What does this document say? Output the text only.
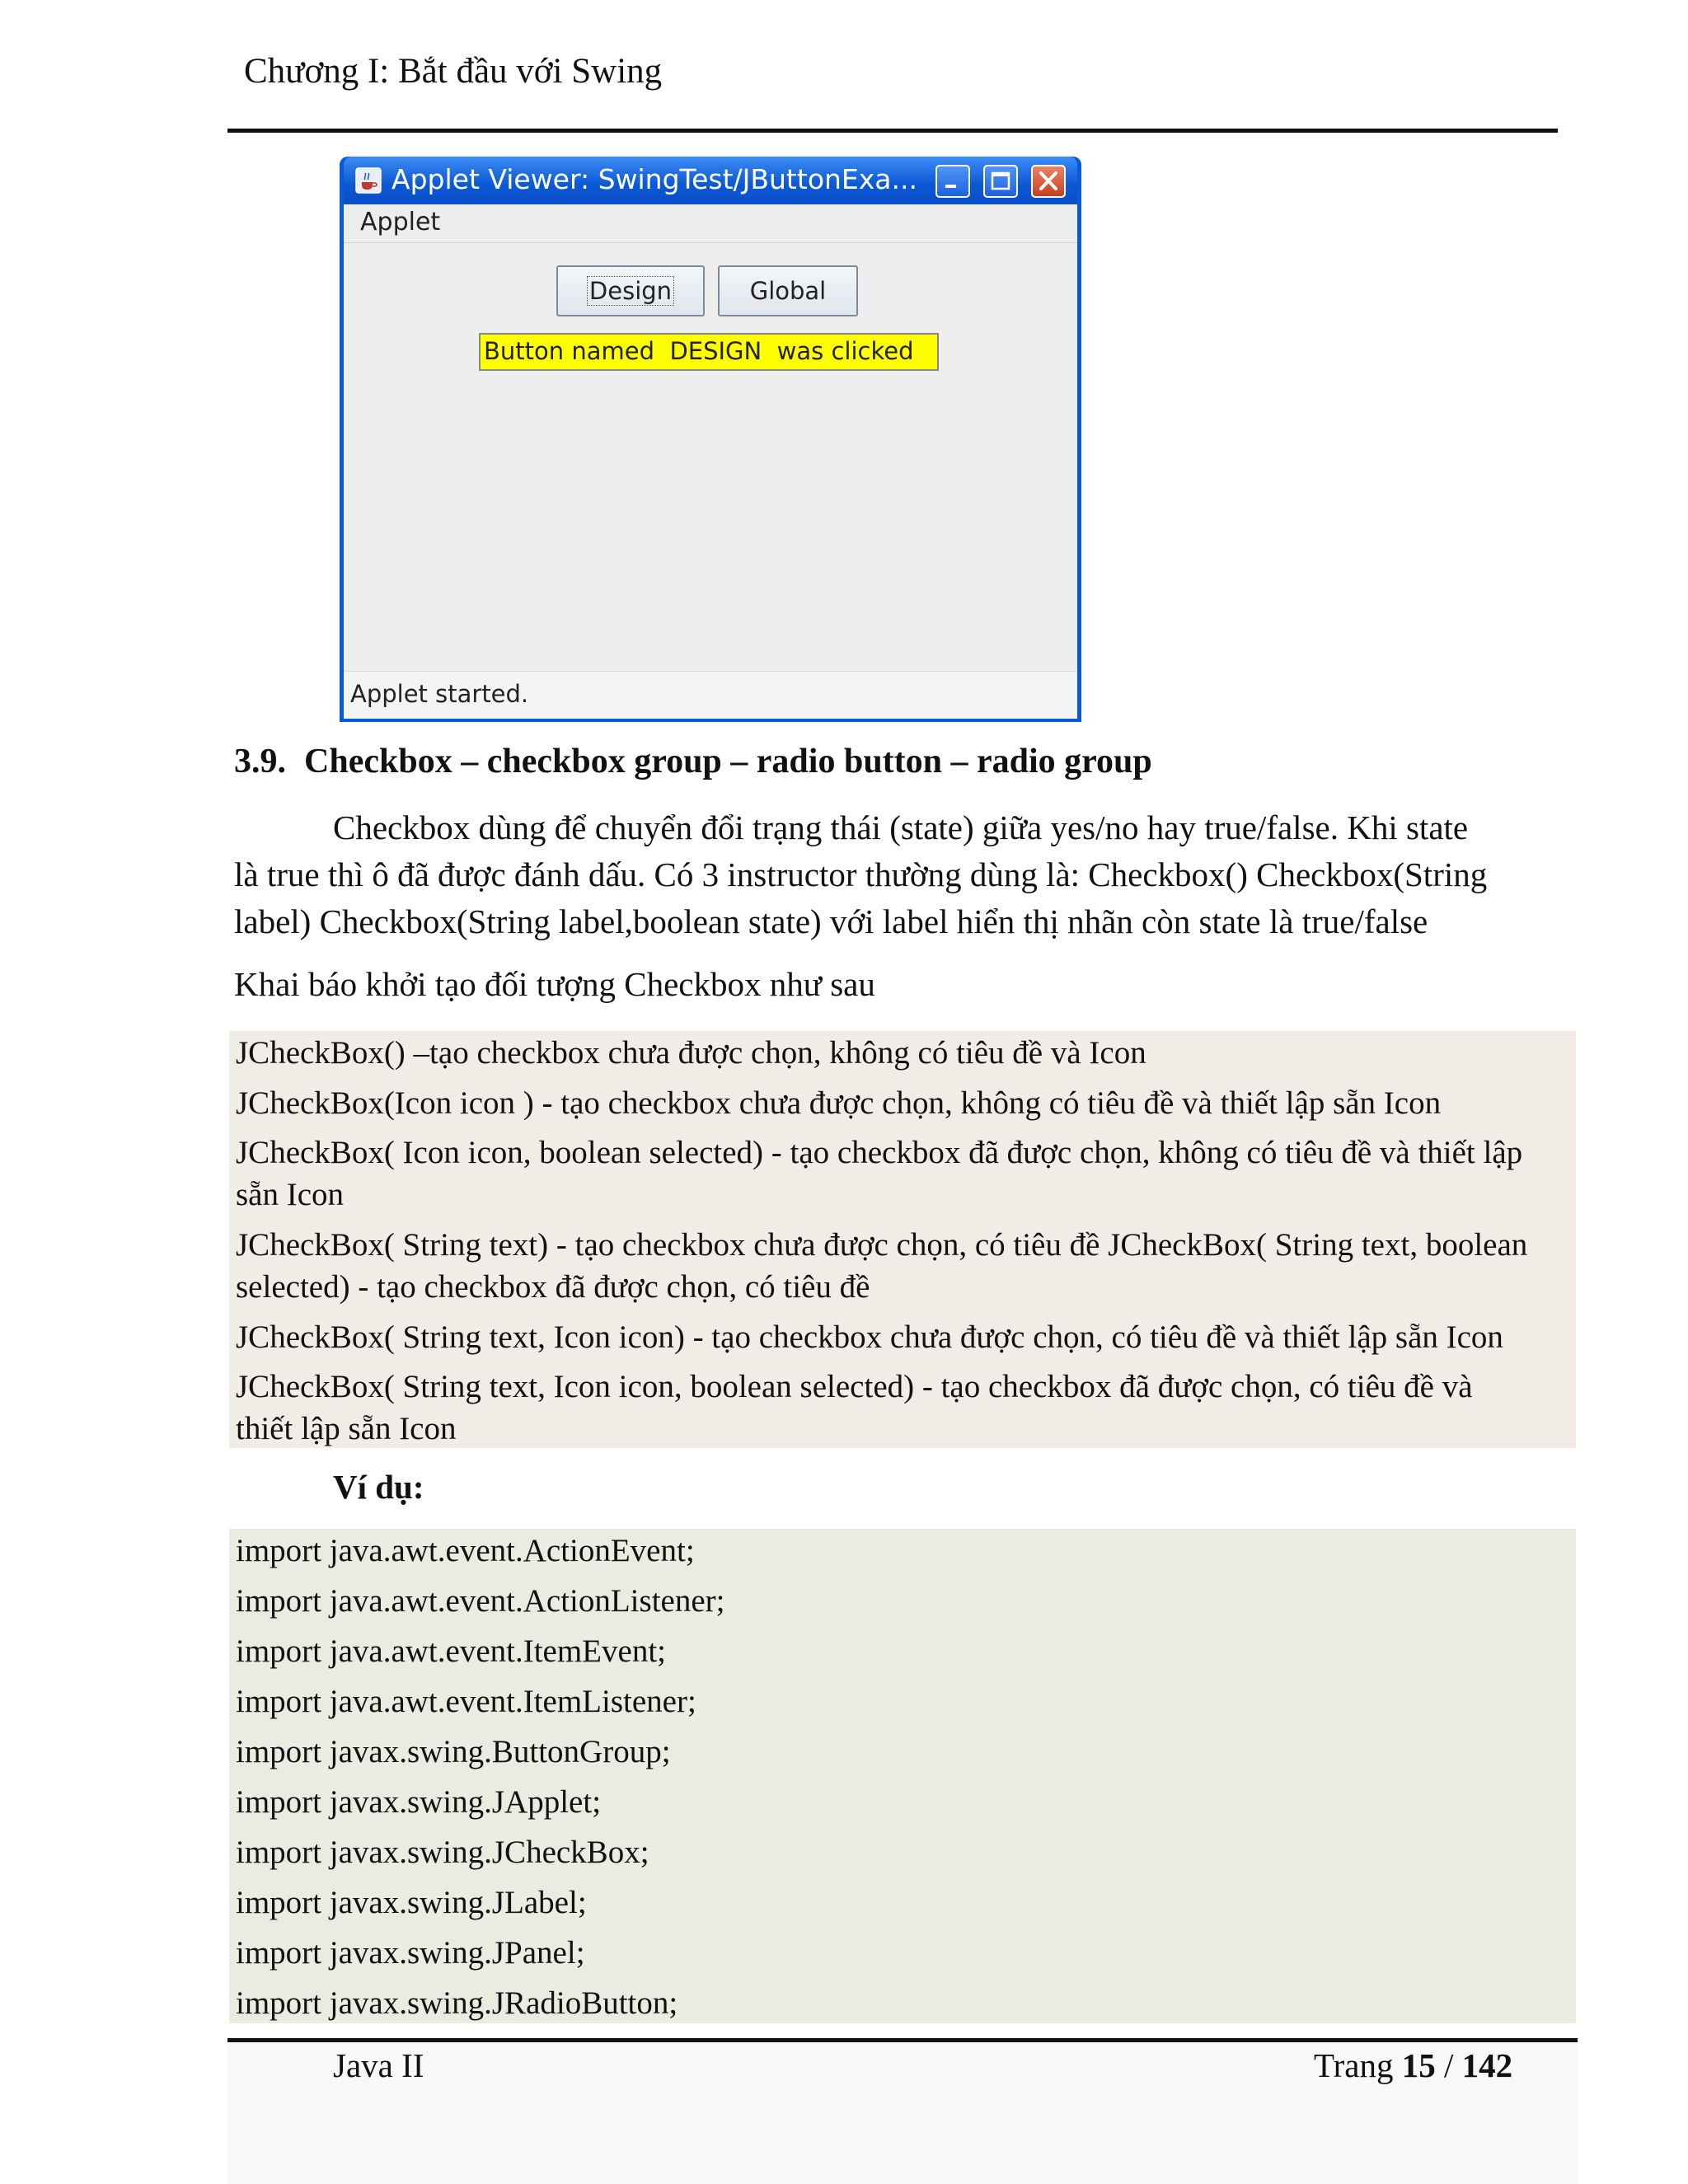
Chương I: Bắt đầu với Swing
Applet Viewer: SwingTest/JButtonExa...
Applet
Design	Global
Button named  DESIGN  was clicked
Applet started.
3.9. Checkbox – checkbox group – radio button – radio group
Checkbox dùng để chuyển đổi trạng thái (state) giữa yes/no hay true/false. Khi state
là true thì ô đã được đánh dấu. Có 3 instructor thường dùng là: Checkbox() Checkbox(String
label) Checkbox(String label,boolean state) với label hiển thị nhãn còn state là true/false
Khai báo khởi tạo đối tượng Checkbox như sau
JCheckBox() –tạo checkbox chưa được chọn, không có tiêu đề và Icon
JCheckBox(Icon icon ) - tạo checkbox chưa được chọn, không có tiêu đề và thiết lập sẵn Icon
JCheckBox( Icon icon, boolean selected) - tạo checkbox đã được chọn, không có tiêu đề và thiết lập
sẵn Icon
JCheckBox( String text) - tạo checkbox chưa được chọn, có tiêu đề JCheckBox( String text, boolean
selected) - tạo checkbox đã được chọn, có tiêu đề
JCheckBox( String text, Icon icon) - tạo checkbox chưa được chọn, có tiêu đề và thiết lập sẵn Icon
JCheckBox( String text, Icon icon, boolean selected) - tạo checkbox đã được chọn, có tiêu đề và
thiết lập sẵn Icon
Ví dụ:
import java.awt.event.ActionEvent;
import java.awt.event.ActionListener;
import java.awt.event.ItemEvent;
import java.awt.event.ItemListener;
import javax.swing.ButtonGroup;
import javax.swing.JApplet;
import javax.swing.JCheckBox;
import javax.swing.JLabel;
import javax.swing.JPanel;
import javax.swing.JRadioButton;
Java II	Trang 15 / 142
